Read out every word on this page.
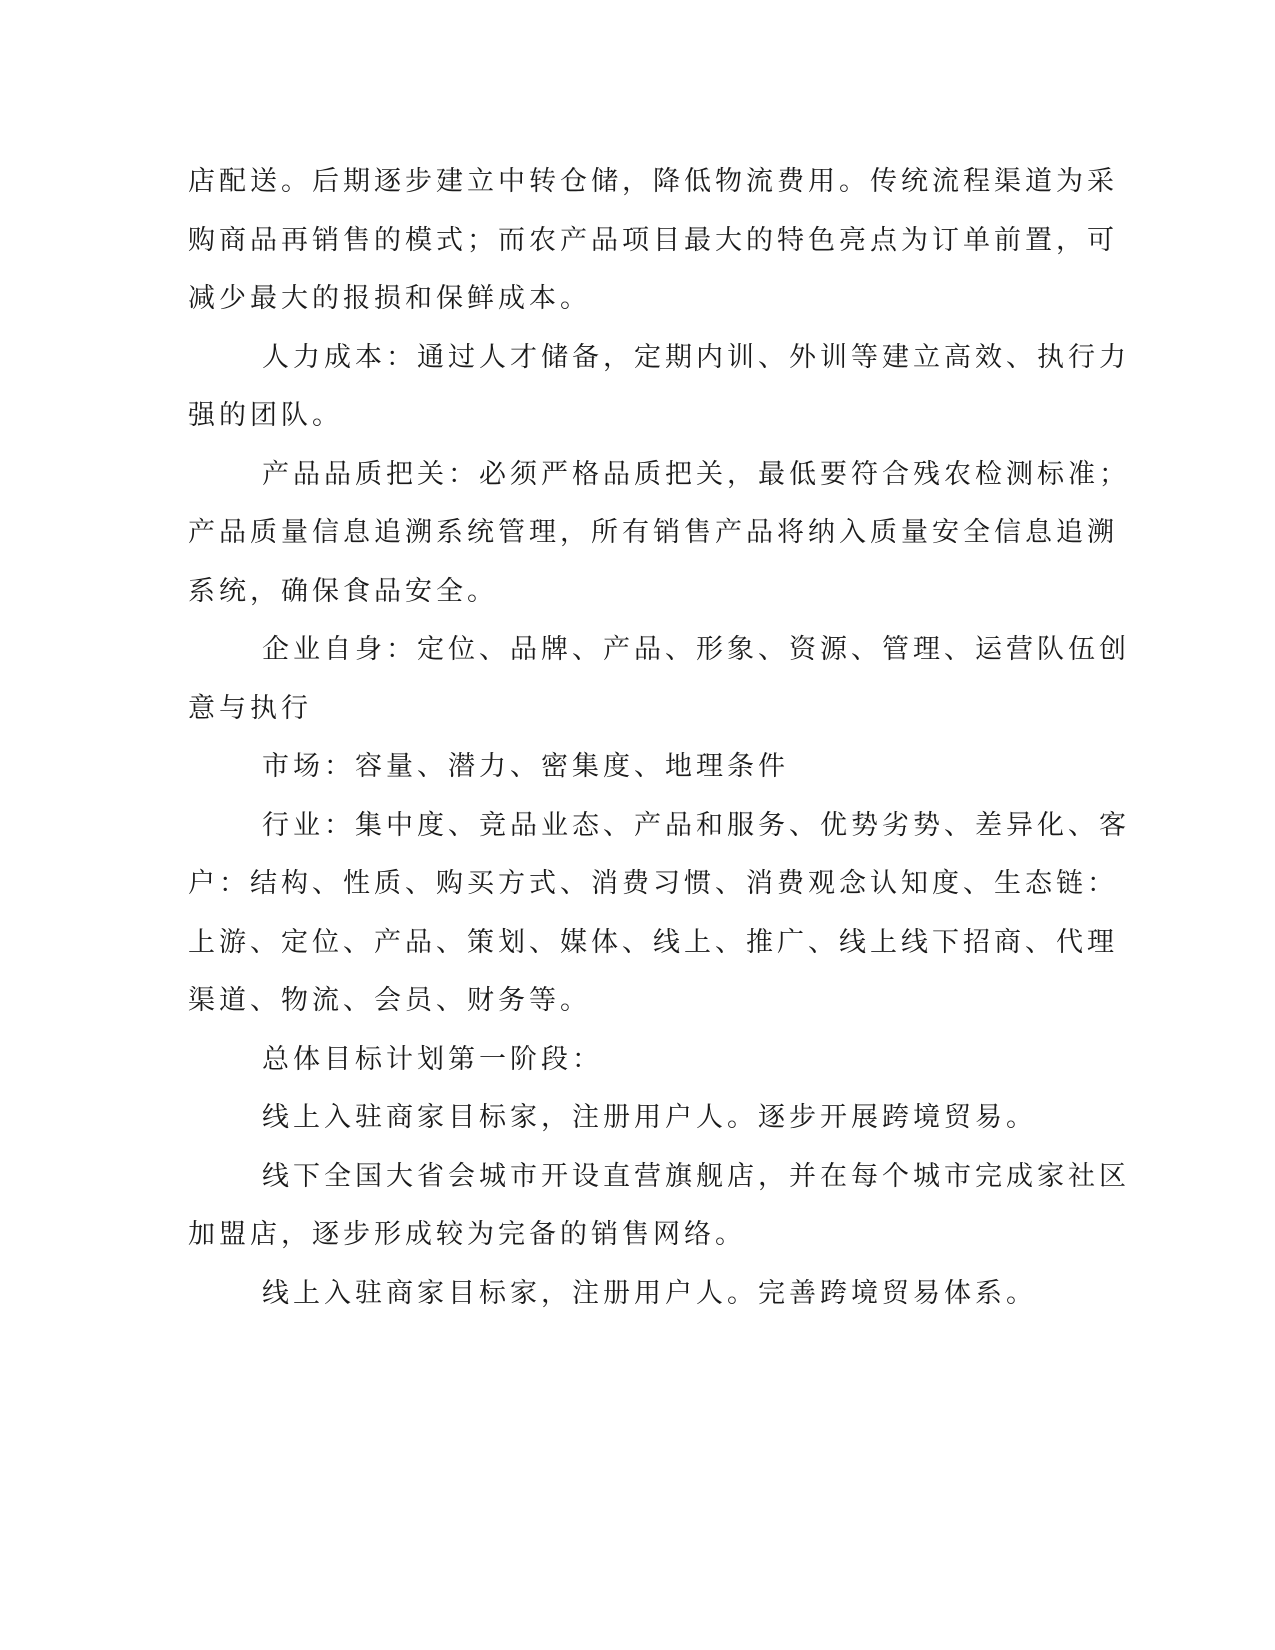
店配送。后期逐步建立中转仓储，降低物流费用。传统流程渠道为采
购商品再销售的模式；而农产品项目最大的特色亮点为订单前置，可
减少最大的报损和保鲜成本。
人力成本：通过人才储备，定期内训、外训等建立高效、执行力
强的团队。
产品品质把关：必须严格品质把关，最低要符合残农检测标准；
产品质量信息追溯系统管理，所有销售产品将纳入质量安全信息追溯
系统，确保食品安全。
企业自身：定位、品牌、产品、形象、资源、管理、运营队伍创
意与执行
市场：容量、潜力、密集度、地理条件
行业：集中度、竞品业态、产品和服务、优势劣势、差异化、客
户：结构、性质、购买方式、消费习惯、消费观念认知度、生态链：
上游、定位、产品、策划、媒体、线上、推广、线上线下招商、代理
渠道、物流、会员、财务等。
总体目标计划第一阶段：
线上入驻商家目标家，注册用户人。逐步开展跨境贸易。
线下全国大省会城市开设直营旗舰店，并在每个城市完成家社区
加盟店，逐步形成较为完备的销售网络。
线上入驻商家目标家，注册用户人。完善跨境贸易体系。
